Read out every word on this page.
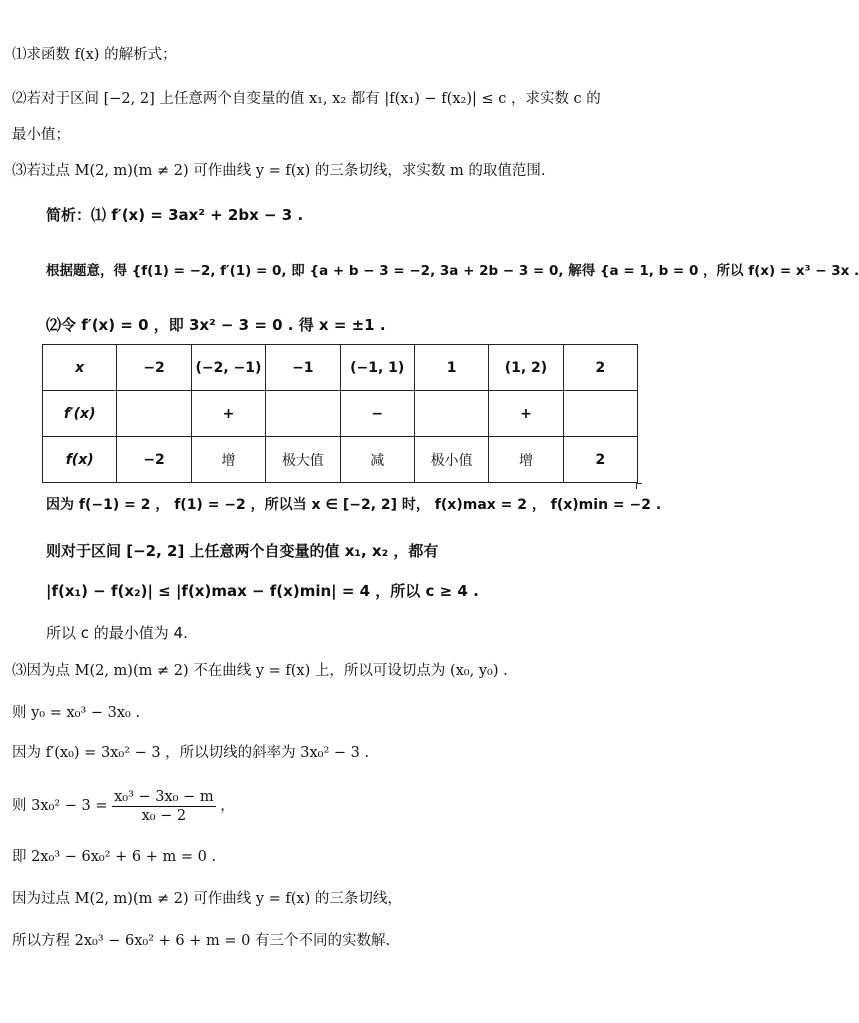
⑴求函数 f(x) 的解析式；
⑵若对于区间 [−2, 2] 上任意两个自变量的值 x₁, x₂ 都有 |f(x₁) − f(x₂)| ≤ c ，求实数 c 的
最小值；
⑶若过点 M(2, m)(m ≠ 2) 可作曲线 y = f(x) 的三条切线，求实数 m 的取值范围.
简析：⑴ f′(x) = 3ax² + 2bx − 3 .
根据题意，得 {f(1) = −2, f′(1) = 0, 即 {a + b − 3 = −2, 3a + 2b − 3 = 0, 解得 {a = 1, b = 0 ，所以 f(x) = x³ − 3x .
⑵令 f′(x) = 0 ，即 3x² − 3 = 0 . 得 x = ±1 .
x	−2	(−2, −1)	−1	(−1, 1)	1	(1, 2)	2
f′(x)		+		−		+	
f(x)	−2	增	极大值	减	极小值	增	2
因为 f(−1) = 2 ， f(1) = −2 ，所以当 x ∈ [−2, 2] 时， f(x)max = 2 ， f(x)min = −2 .
则对于区间 [−2, 2] 上任意两个自变量的值 x₁, x₂ ，都有
|f(x₁) − f(x₂)| ≤ |f(x)max − f(x)min| = 4 ，所以 c ≥ 4 .
所以 c 的最小值为 4.
⑶因为点 M(2, m)(m ≠ 2) 不在曲线 y = f(x) 上，所以可设切点为 (x₀, y₀) .
则 y₀ = x₀³ − 3x₀ .
因为 f′(x₀) = 3x₀² − 3 ，所以切线的斜率为 3x₀² − 3 .
则 $3x_0^2 - 3 = \frac{\text{x₀³ − 3x₀ − m}}{\text{x₀ − 2}}$ ，
即 2x₀³ − 6x₀² + 6 + m = 0 .
因为过点 M(2, m)(m ≠ 2) 可作曲线 y = f(x) 的三条切线，
所以方程 2x₀³ − 6x₀² + 6 + m = 0 有三个不同的实数解.
